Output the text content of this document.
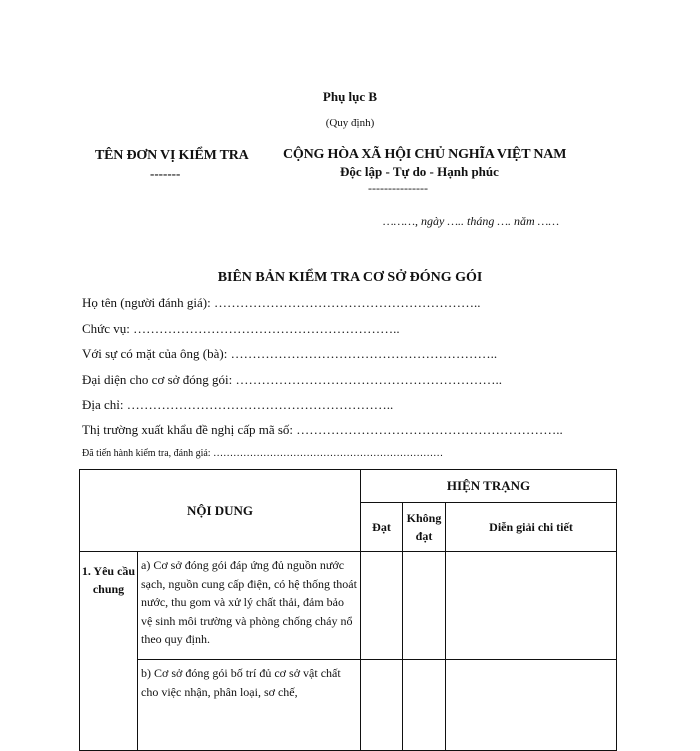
Phụ lục B
(Quy định)
TÊN ĐƠN VỊ KIỂM TRA
-------
CỘNG HÒA XÃ HỘI CHỦ NGHĨA VIỆT NAM
Độc lập - Tự do - Hạnh phúc
---------------
………, ngày ….. tháng …. năm ……
BIÊN BẢN KIỂM TRA CƠ SỞ ĐÓNG GÓI
Họ tên (người đánh giá): ……………………………………………………..
Chức vụ: ……………………………………………………..
Với sự có mặt của ông (bà): ……………………………………………………..
Đại diện cho cơ sở đóng gói: ……………………………………………………..
Địa chỉ: ……………………………………………………..
Thị trường xuất khẩu đề nghị cấp mã số: ……………………………………………………..
Đã tiến hành kiểm tra, đánh giá: ……………………………………………………………
NỘI DUNG		HIỆN TRẠNG		
		Đạt	Không đạt	Diễn giải chi tiết
1. Yêu cầu chung	a) Cơ sở đóng gói đáp ứng đủ nguồn nước sạch, nguồn cung cấp điện, có hệ thống thoát nước, thu gom và xử lý chất thải, đảm bảo vệ sinh môi trường và phòng chống cháy nổ theo quy định.			
	b) Cơ sở đóng gói bố trí đủ cơ sở vật chất cho việc nhận, phân loại, sơ chế,			
